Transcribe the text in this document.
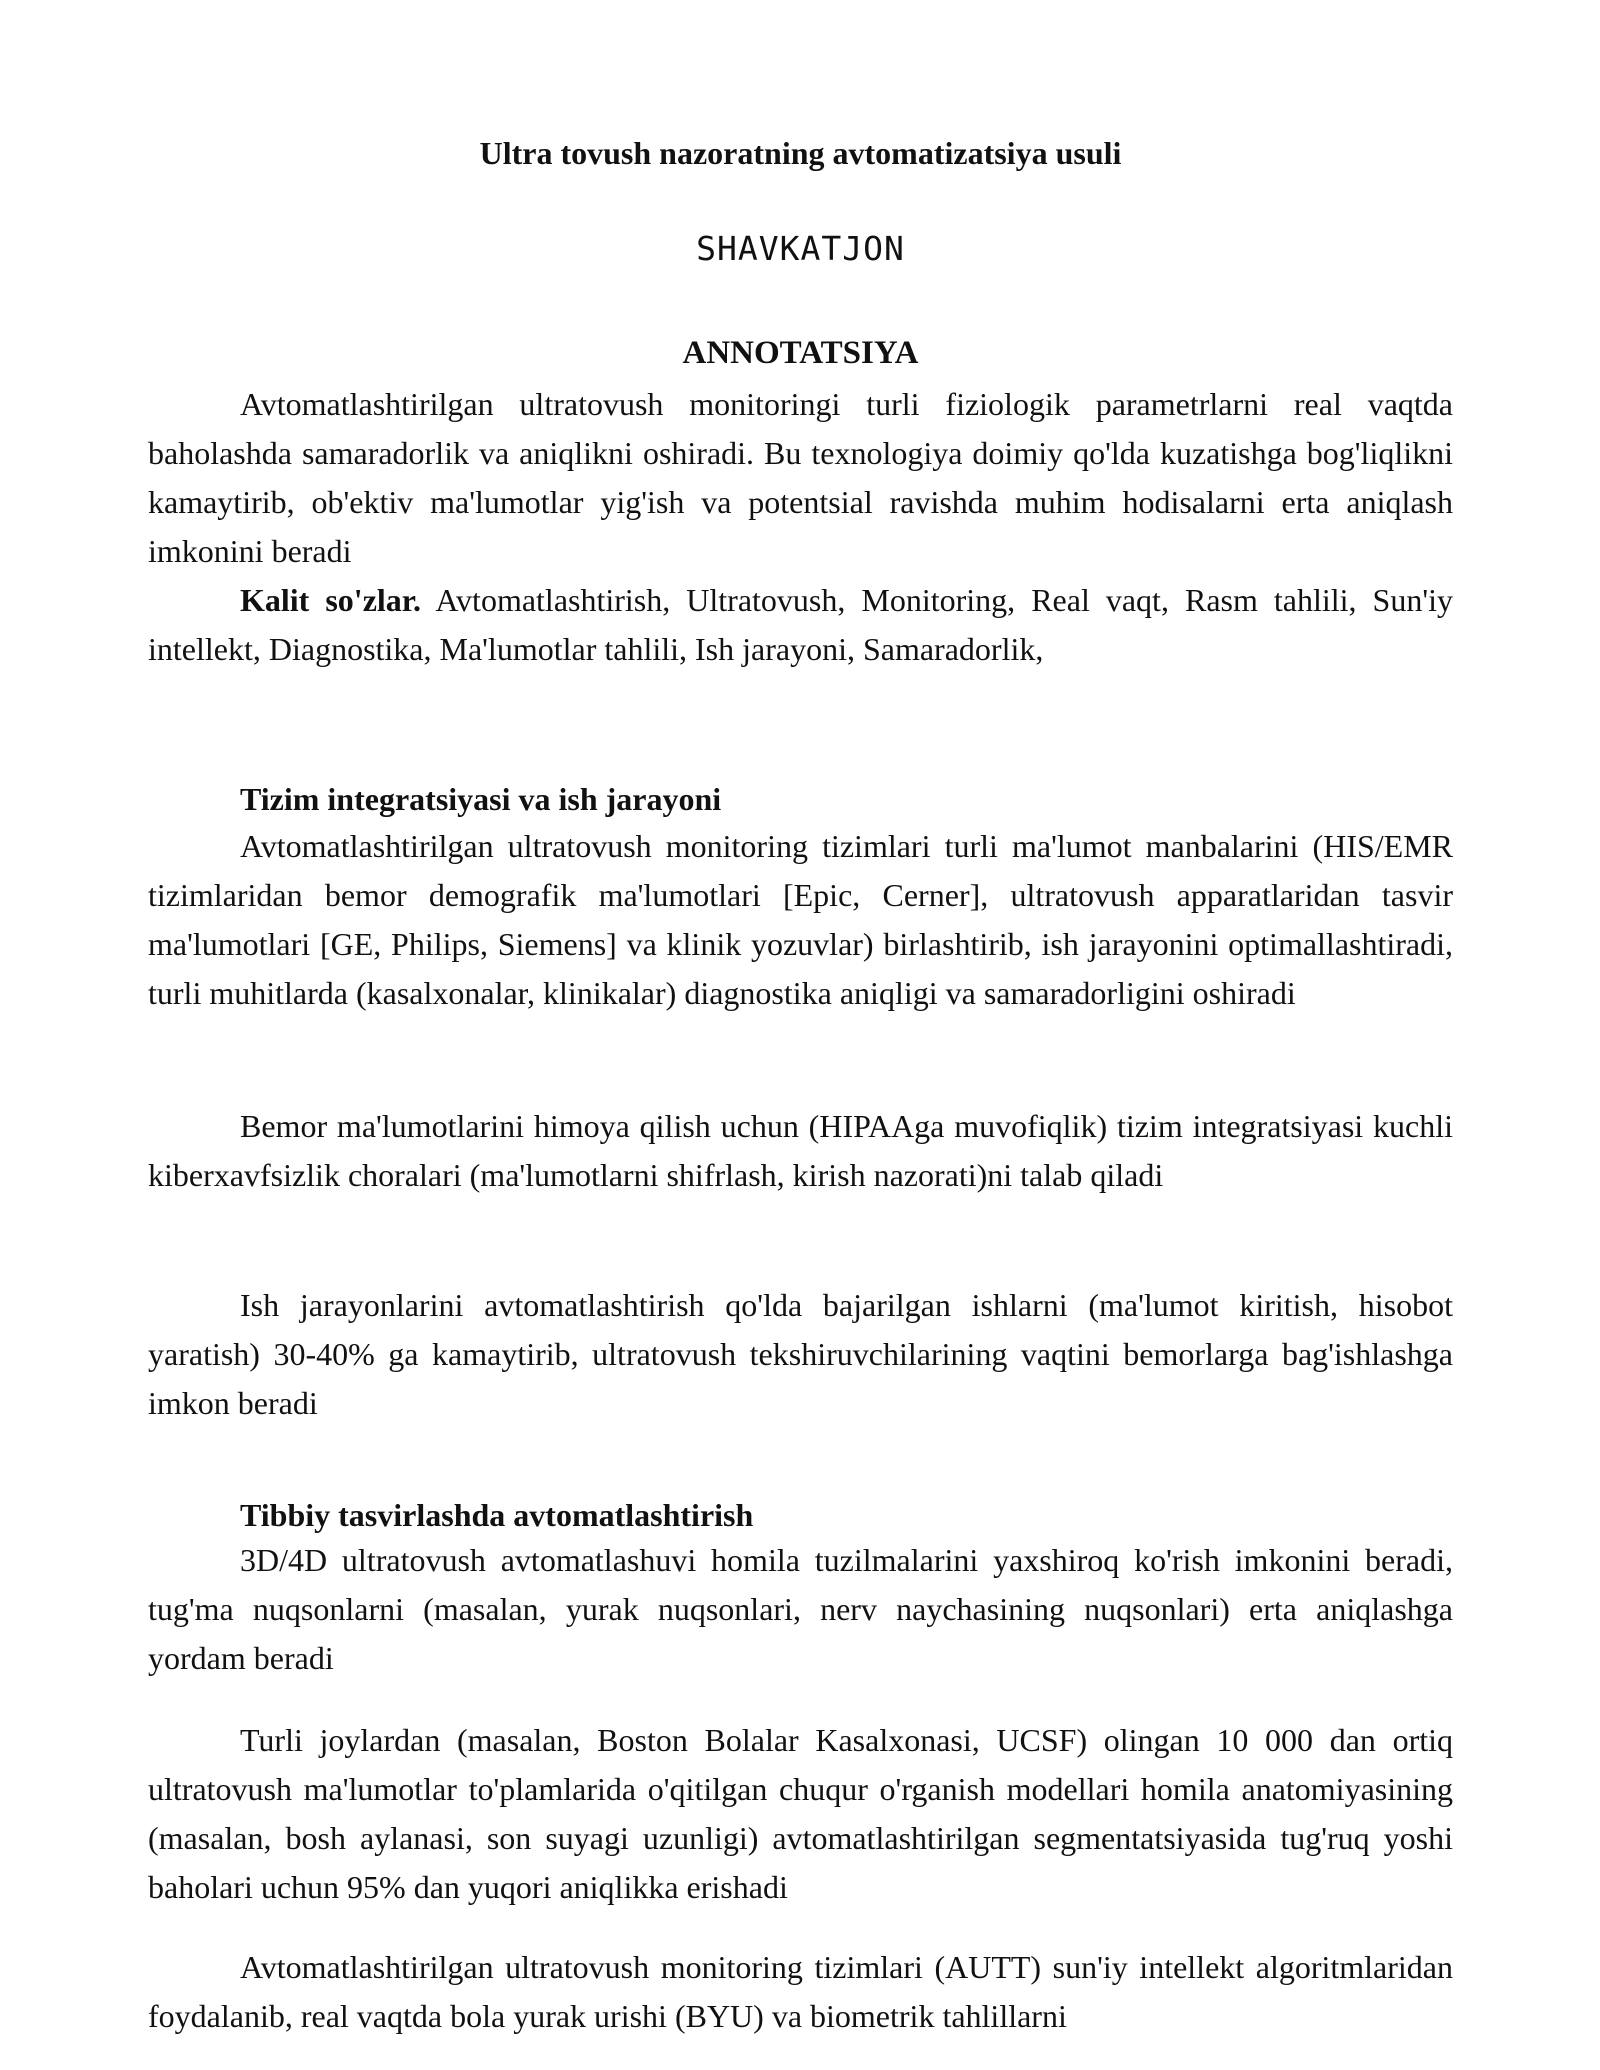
Ultra tovush nazoratning avtomatizatsiya usuli
SHAVKATJON
ANNOTATSIYA

Avtomatlashtirilgan ultratovush monitoringi turli fiziologik parametrlarni real vaqtda baholashda samaradorlik va aniqlikni oshiradi. Bu texnologiya doimiy qo'lda kuzatishga bog'liqlikni kamaytirib, ob'ektiv ma'lumotlar yig'ish va potentsial ravishda muhim hodisalarni erta aniqlash imkonini beradi

Kalit so'zlar. Avtomatlashtirish, Ultratovush, Monitoring, Real vaqt, Rasm tahlili, Sun'iy intellekt, Diagnostika, Ma'lumotlar tahlili, Ish jarayoni, Samaradorlik,

Tizim integratsiyasi va ish jarayoni

Avtomatlashtirilgan ultratovush monitoring tizimlari turli ma'lumot manbalarini (HIS/EMR tizimlaridan bemor demografik ma'lumotlari [Epic, Cerner], ultratovush apparatlaridan tasvir ma'lumotlari [GE, Philips, Siemens] va klinik yozuvlar) birlashtirib, ish jarayonini optimallashtiradi, turli muhitlarda (kasalxonalar, klinikalar) diagnostika aniqligi va samaradorligini oshiradi

Bemor ma'lumotlarini himoya qilish uchun (HIPAAga muvofiqlik) tizim integratsiyasi kuchli kiberxavfsizlik choralari (ma'lumotlarni shifrlash, kirish nazorati)ni talab qiladi

Ish jarayonlarini avtomatlashtirish qo'lda bajarilgan ishlarni (ma'lumot kiritish, hisobot yaratish) 30-40% ga kamaytirib, ultratovush tekshiruvchilarining vaqtini bemorlarga bag'ishlashga imkon beradi

Tibbiy tasvirlashda avtomatlashtirish

3D/4D ultratovush avtomatlashuvi homila tuzilmalarini yaxshiroq ko'rish imkonini beradi, tug'ma nuqsonlarni (masalan, yurak nuqsonlari, nerv naychasining nuqsonlari) erta aniqlashga yordam beradi

Turli joylardan (masalan, Boston Bolalar Kasalxonasi, UCSF) olingan 10 000 dan ortiq ultratovush ma'lumotlar to'plamlarida o'qitilgan chuqur o'rganish modellari homila anatomiyasining (masalan, bosh aylanasi, son suyagi uzunligi) avtomatlashtirilgan segmentatsiyasida tug'ruq yoshi baholari uchun 95% dan yuqori aniqlikka erishadi

Avtomatlashtirilgan ultratovush monitoring tizimlari (AUTT) sun'iy intellekt algoritmlaridan foydalanib, real vaqtda bola yurak urishi (BYU) va biometrik tahlillarni
